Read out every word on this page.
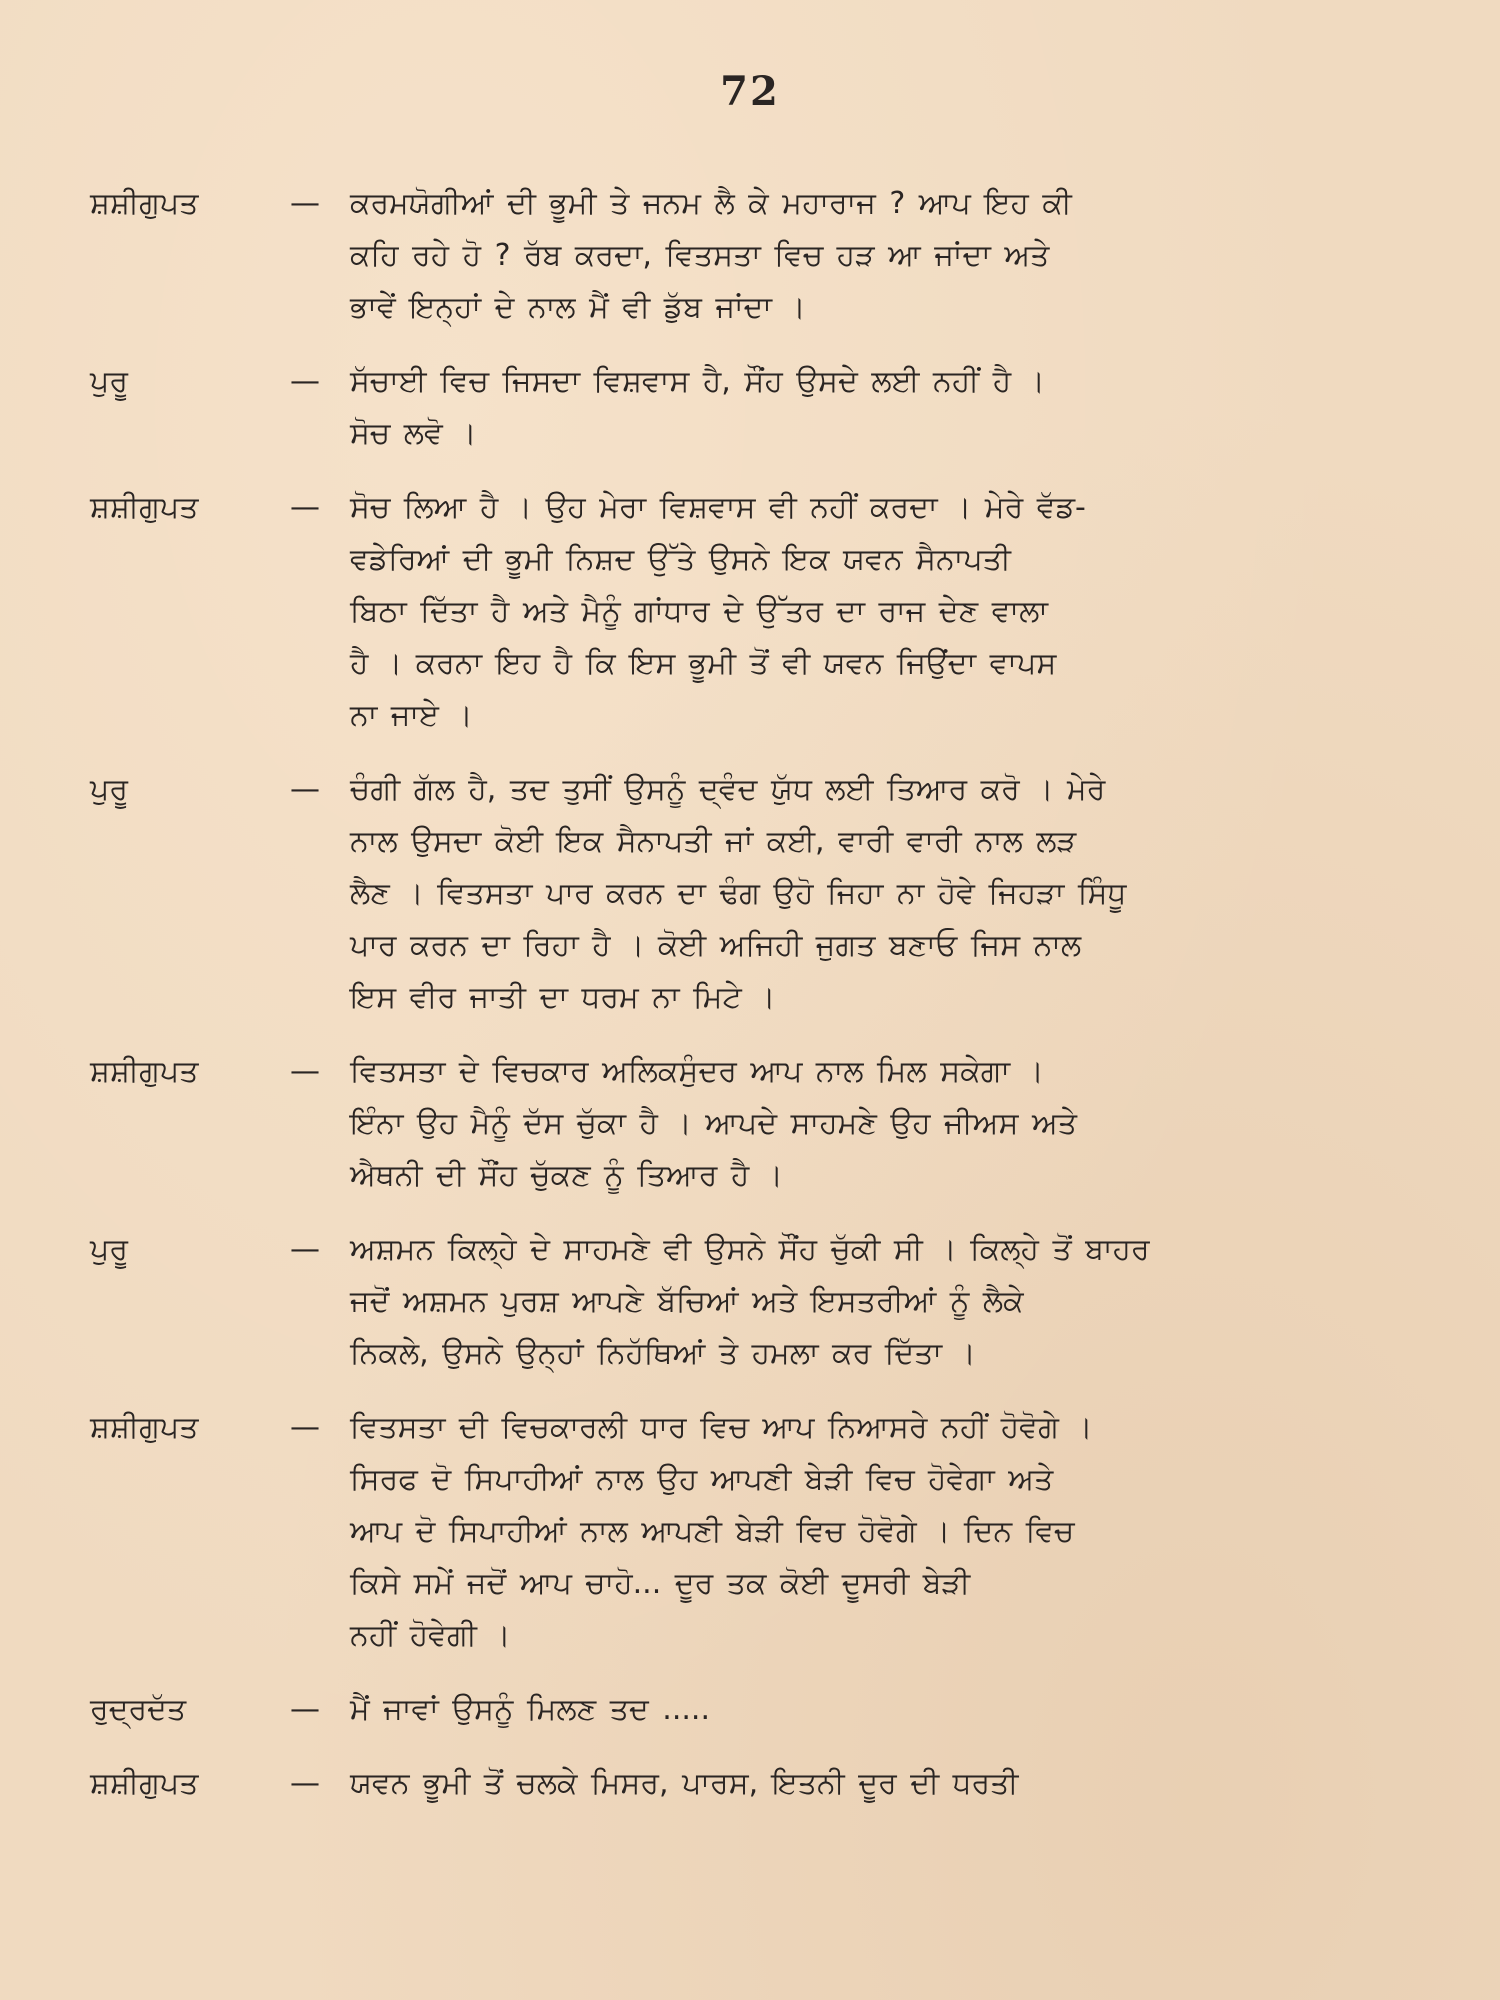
72
ਸ਼ਸ਼ੀਗੁਪਤ	—	ਕਰਮਯੋਗੀਆਂ ਦੀ ਭੂਮੀ ਤੇ ਜਨਮ ਲੈ ਕੇ ਮਹਾਰਾਜ ? ਆਪ ਇਹ ਕੀ
ਕਹਿ ਰਹੇ ਹੋ ? ਰੱਬ ਕਰਦਾ, ਵਿਤਸਤਾ ਵਿਚ ਹੜ ਆ ਜਾਂਦਾ ਅਤੇ
ਭਾਵੇਂ ਇਨ੍ਹਾਂ ਦੇ ਨਾਲ ਮੈਂ ਵੀ ਡੁੱਬ ਜਾਂਦਾ ।
ਪੁਰੂ	—	ਸੱਚਾਈ ਵਿਚ ਜਿਸਦਾ ਵਿਸ਼ਵਾਸ ਹੈ, ਸੌਂਹ ਉਸਦੇ ਲਈ ਨਹੀਂ ਹੈ ।
ਸੋਚ ਲਵੋ ।
ਸ਼ਸ਼ੀਗੁਪਤ	—	ਸੋਚ ਲਿਆ ਹੈ । ਉਹ ਮੇਰਾ ਵਿਸ਼ਵਾਸ ਵੀ ਨਹੀਂ ਕਰਦਾ । ਮੇਰੇ ਵੱਡ-
ਵਡੇਰਿਆਂ ਦੀ ਭੂਮੀ ਨਿਸ਼ਦ ਉੱਤੇ ਉਸਨੇ ਇਕ ਯਵਨ ਸੈਨਾਪਤੀ
ਬਿਠਾ ਦਿੱਤਾ ਹੈ ਅਤੇ ਮੈਨੂੰ ਗਾਂਧਾਰ ਦੇ ਉੱਤਰ ਦਾ ਰਾਜ ਦੇਣ ਵਾਲਾ
ਹੈ । ਕਰਨਾ ਇਹ ਹੈ ਕਿ ਇਸ ਭੂਮੀ ਤੋਂ ਵੀ ਯਵਨ ਜਿਉਂਦਾ ਵਾਪਸ
ਨਾ ਜਾਏ ।
ਪੁਰੂ	—	ਚੰਗੀ ਗੱਲ ਹੈ, ਤਦ ਤੁਸੀਂ ਉਸਨੂੰ ਦ੍ਵੰਦ ਯੁੱਧ ਲਈ ਤਿਆਰ ਕਰੋ । ਮੇਰੇ
ਨਾਲ ਉਸਦਾ ਕੋਈ ਇਕ ਸੈਨਾਪਤੀ ਜਾਂ ਕਈ, ਵਾਰੀ ਵਾਰੀ ਨਾਲ ਲੜ
ਲੈਣ । ਵਿਤਸਤਾ ਪਾਰ ਕਰਨ ਦਾ ਢੰਗ ਉਹੋ ਜਿਹਾ ਨਾ ਹੋਵੇ ਜਿਹੜਾ ਸਿੰਧੂ
ਪਾਰ ਕਰਨ ਦਾ ਰਿਹਾ ਹੈ । ਕੋਈ ਅਜਿਹੀ ਜੁਗਤ ਬਣਾਓ ਜਿਸ ਨਾਲ
ਇਸ ਵੀਰ ਜਾਤੀ ਦਾ ਧਰਮ ਨਾ ਮਿਟੇ ।
ਸ਼ਸ਼ੀਗੁਪਤ	—	ਵਿਤਸਤਾ ਦੇ ਵਿਚਕਾਰ ਅਲਿਕਸੁੰਦਰ ਆਪ ਨਾਲ ਮਿਲ ਸਕੇਗਾ ।
ਇੰਨਾ ਉਹ ਮੈਨੂੰ ਦੱਸ ਚੁੱਕਾ ਹੈ । ਆਪਦੇ ਸਾਹਮਣੇ ਉਹ ਜੀਅਸ ਅਤੇ
ਐਥਨੀ ਦੀ ਸੌਂਹ ਚੁੱਕਣ ਨੂੰ ਤਿਆਰ ਹੈ ।
ਪੁਰੂ	—	ਅਸ਼ਮਨ ਕਿਲ੍ਹੇ ਦੇ ਸਾਹਮਣੇ ਵੀ ਉਸਨੇ ਸੌਂਹ ਚੁੱਕੀ ਸੀ । ਕਿਲ੍ਹੇ ਤੋਂ ਬਾਹਰ
ਜਦੋਂ ਅਸ਼ਮਨ ਪੁਰਸ਼ ਆਪਣੇ ਬੱਚਿਆਂ ਅਤੇ ਇਸਤਰੀਆਂ ਨੂੰ ਲੈਕੇ
ਨਿਕਲੇ, ਉਸਨੇ ਉਨ੍ਹਾਂ ਨਿਹੱਥਿਆਂ ਤੇ ਹਮਲਾ ਕਰ ਦਿੱਤਾ ।
ਸ਼ਸ਼ੀਗੁਪਤ	—	ਵਿਤਸਤਾ ਦੀ ਵਿਚਕਾਰਲੀ ਧਾਰ ਵਿਚ ਆਪ ਨਿਆਸਰੇ ਨਹੀਂ ਹੋਵੋਗੇ ।
ਸਿਰਫ ਦੋ ਸਿਪਾਹੀਆਂ ਨਾਲ ਉਹ ਆਪਣੀ ਬੇੜੀ ਵਿਚ ਹੋਵੇਗਾ ਅਤੇ
ਆਪ ਦੋ ਸਿਪਾਹੀਆਂ ਨਾਲ ਆਪਣੀ ਬੇੜੀ ਵਿਚ ਹੋਵੋਗੇ । ਦਿਨ ਵਿਚ
ਕਿਸੇ ਸਮੇਂ ਜਦੋਂ ਆਪ ਚਾਹੋ... ਦੂਰ ਤਕ ਕੋਈ ਦੂਸਰੀ ਬੇੜੀ
ਨਹੀਂ ਹੋਵੇਗੀ ।
ਰੁਦ੍ਰਦੱਤ	—	ਮੈਂ ਜਾਵਾਂ ਉਸਨੂੰ ਮਿਲਣ ਤਦ .....
ਸ਼ਸ਼ੀਗੁਪਤ	—	ਯਵਨ ਭੂਮੀ ਤੋਂ ਚਲਕੇ ਮਿਸਰ, ਪਾਰਸ, ਇਤਨੀ ਦੂਰ ਦੀ ਧਰਤੀ
